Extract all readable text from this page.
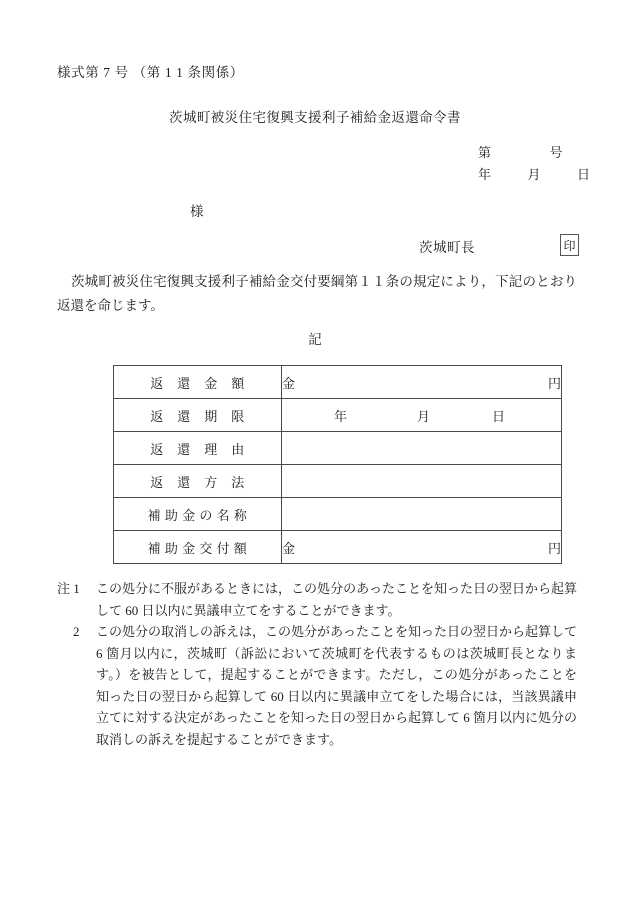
様式第 7 号 （第 1 1 条関係）
茨城町被災住宅復興支援利子補給金返還命令書
第	号
年	月	日
様
茨城町長	印
茨城町被災住宅復興支援利子補給金交付要綱第１１条の規定により，下記のとおり返還を命じます。
記
返　還　金　額	金 円

返　還　期　限	年 月 日

返　還　理　由	
返　還　方　法	
補 助 金 の 名 称	
補 助 金 交 付 額	金 円
注 1	この処分に不服があるときには，この処分のあったことを知った日の翌日から起算して 60 日以内に異議申立てをすることができます。
2	この処分の取消しの訴えは，この処分があったことを知った日の翌日から起算して 6 箇月以内に，茨城町（訴訟において茨城町を代表するものは茨城町長となります。）を被告として，提起することができます。ただし，この処分があったことを知った日の翌日から起算して 60 日以内に異議申立てをした場合には，当該異議申立てに対する決定があったことを知った日の翌日から起算して 6 箇月以内に処分の取消しの訴えを提起することができます。
